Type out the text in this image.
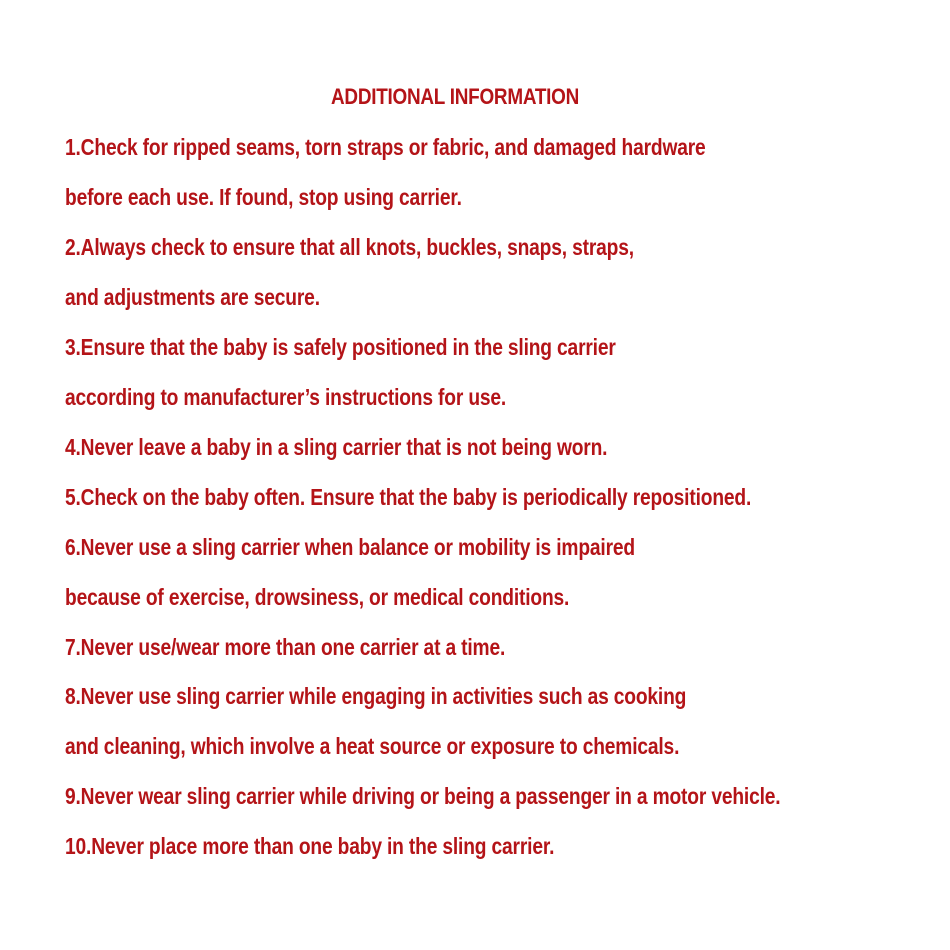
ADDITIONAL INFORMATION
1.Check for ripped seams, torn straps or fabric, and damaged hardware
before each use. If found, stop using carrier.
2.Always check to ensure that all knots, buckles, snaps, straps,
and adjustments are secure.
3.Ensure that the baby is safely positioned in the sling carrier
according to manufacturer’s instructions for use.
4.Never leave a baby in a sling carrier that is not being worn.
5.Check on the baby often. Ensure that the baby is periodically repositioned.
6.Never use a sling carrier when balance or mobility is impaired
because of exercise, drowsiness, or medical conditions.
7.Never use/wear more than one carrier at a time.
8.Never use sling carrier while engaging in activities such as cooking
and cleaning, which involve a heat source or exposure to chemicals.
9.Never wear sling carrier while driving or being a passenger in a motor vehicle.
10.Never place more than one baby in the sling carrier.
